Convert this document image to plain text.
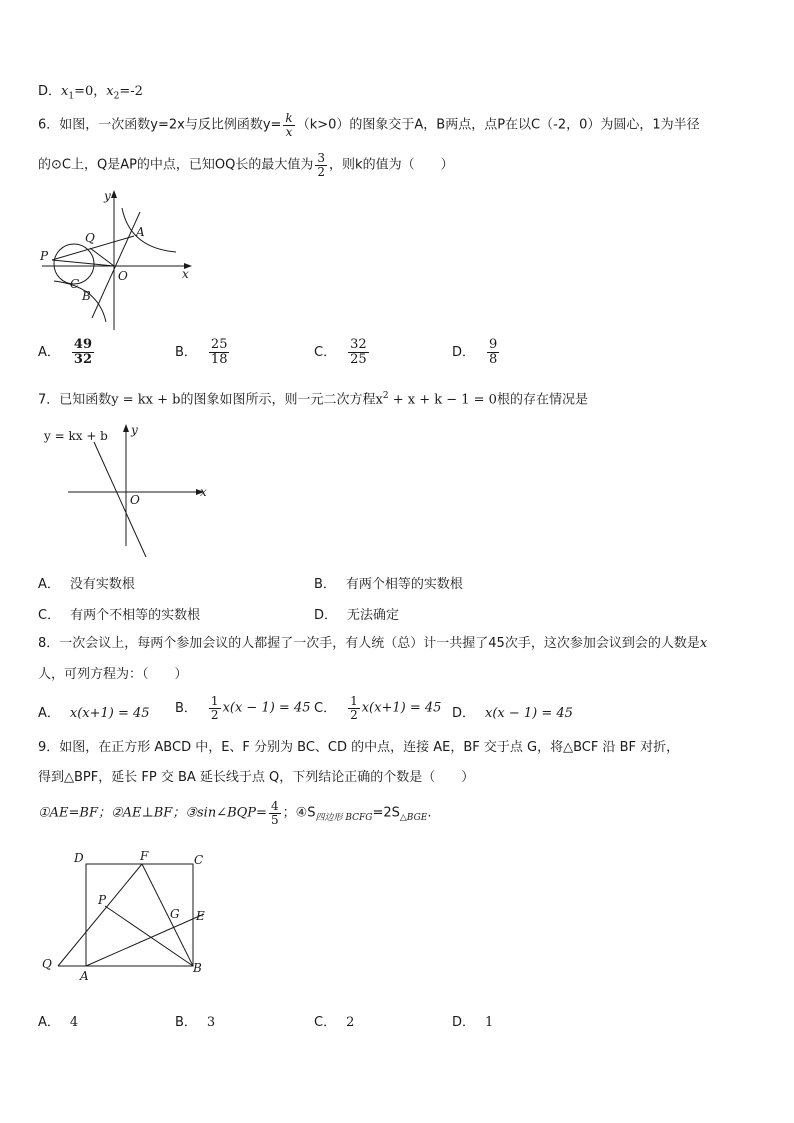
D．$x_1=0$，$x_2=-2$
6．如图，一次函数y=2x与反比例函数$y= \frac{k}{x} (k>0)$的图象交于A，B两点，点P在以C（-2，0）为圆心，1为半径
的⊙C上，Q是AP的中点，已知OQ长的最大值为 $\frac{3}{2}$ ，则k的值为（　　）
y
x
P
C
Q	A
O
B
A． $\frac{49}{32}$	B． $\frac{25}{18}$	C． $\frac{32}{25}$	D． $\frac{9}{8}$
7．已知函数y = kx + b的图象如图所示，则一元二次方程$x^2 + x + k - 1 = 0$根的存在情况是
y = kx + b y
x
O
A． 没有实数根	B． 有两个相等的实数根
C． 有两个不相等的实数根	D． 无法确定
8．一次会议上，每两个参加会议的人都握了一次手，有人统（总）计一共握了45次手，这次参加会议到会的人数是x
人，可列方程为：（　　）
A． x(x+1) = 45 B． $\frac{1}{2} x(x - 1) = 45$ C． $\frac{1}{2} x(x+1) = 45$ D． x(x − 1) = 45
9．如图，在正方形 ABCD 中，E、F 分别为 BC、CD 的中点，连接 AE，BF 交于点 G，将△BCF 沿 BF 对折，
得到△BPF，延长 FP 交 BA 延长线于点 Q，下列结论正确的个数是（　　）
①AE=BF；②AE⊥BF；③sin∠BQP= $\frac{4}{5}$ ；$④S_{四边形 BCFG}=2S_{\triangle BGE}$.
D	F	C
P
G E
Q
A
B
A． 4	B． 3	C． 2	D． 1
